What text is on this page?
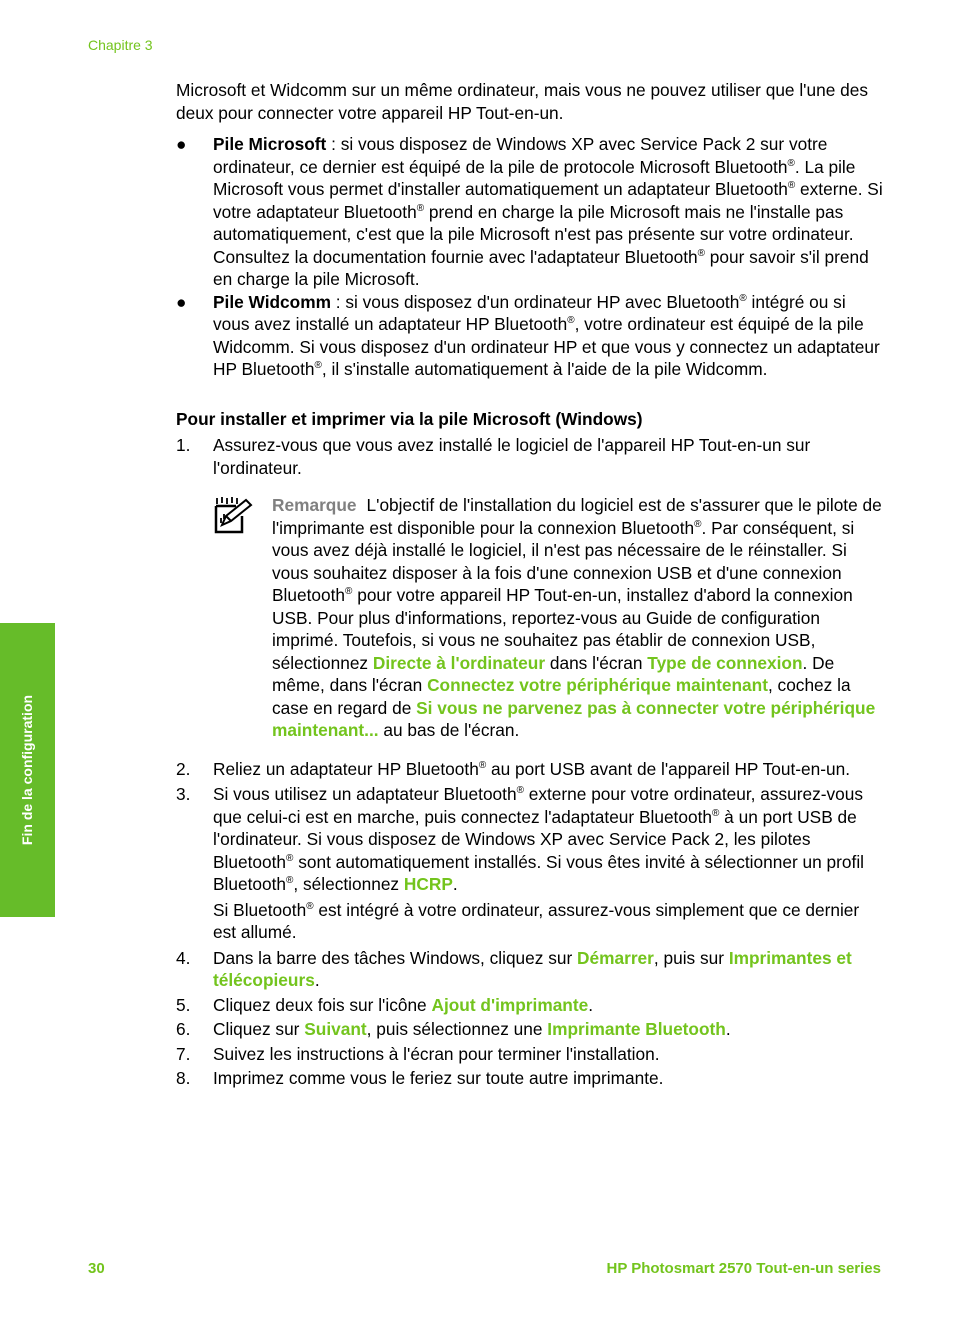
Chapitre 3
Fin de la configuration

Microsoft et Widcomm sur un même ordinateur, mais vous ne pouvez utiliser que l'une des deux pour connecter votre appareil HP Tout-en-un.

● Pile Microsoft : si vous disposez de Windows XP avec Service Pack 2 sur votre ordinateur, ce dernier est équipé de la pile de protocole Microsoft Bluetooth®. La pile Microsoft vous permet d'installer automatiquement un adaptateur Bluetooth® externe. Si votre adaptateur Bluetooth® prend en charge la pile Microsoft mais ne l'installe pas automatiquement, c'est que la pile Microsoft n'est pas présente sur votre ordinateur. Consultez la documentation fournie avec l'adaptateur Bluetooth® pour savoir s'il prend en charge la pile Microsoft.
● Pile Widcomm : si vous disposez d'un ordinateur HP avec Bluetooth® intégré ou si vous avez installé un adaptateur HP Bluetooth®, votre ordinateur est équipé de la pile Widcomm. Si vous disposez d'un ordinateur HP et que vous y connectez un adaptateur HP Bluetooth®, il s'installe automatiquement à l'aide de la pile Widcomm.

Pour installer et imprimer via la pile Microsoft (Windows)

1. Assurez-vous que vous avez installé le logiciel de l'appareil HP Tout-en-un sur l'ordinateur.
Remarque L'objectif de l'installation du logiciel est de s'assurer que le pilote de l'imprimante est disponible pour la connexion Bluetooth®. Par conséquent, si vous avez déjà installé le logiciel, il n'est pas nécessaire de le réinstaller. Si vous souhaitez disposer à la fois d'une connexion USB et d'une connexion Bluetooth® pour votre appareil HP Tout-en-un, installez d'abord la connexion USB. Pour plus d'informations, reportez-vous au Guide de configuration imprimé. Toutefois, si vous ne souhaitez pas établir de connexion USB, sélectionnez Directe à l'ordinateur dans l'écran Type de connexion. De même, dans l'écran Connectez votre périphérique maintenant, cochez la case en regard de Si vous ne parvenez pas à connecter votre périphérique maintenant... au bas de l'écran.
2. Reliez un adaptateur HP Bluetooth® au port USB avant de l'appareil HP Tout-en-un.
3. Si vous utilisez un adaptateur Bluetooth® externe pour votre ordinateur, assurez-vous que celui-ci est en marche, puis connectez l'adaptateur Bluetooth® à un port USB de l'ordinateur. Si vous disposez de Windows XP avec Service Pack 2, les pilotes Bluetooth® sont automatiquement installés. Si vous êtes invité à sélectionner un profil Bluetooth®, sélectionnez HCRP.

Si Bluetooth® est intégré à votre ordinateur, assurez-vous simplement que ce dernier est allumé.

4. Dans la barre des tâches Windows, cliquez sur Démarrer, puis sur Imprimantes et télécopieurs.
5. Cliquez deux fois sur l'icône Ajout d'imprimante.
6. Cliquez sur Suivant, puis sélectionnez une Imprimante Bluetooth.
7. Suivez les instructions à l'écran pour terminer l'installation.
8. Imprimez comme vous le feriez sur toute autre imprimante.
30	HP Photosmart 2570 Tout-en-un series
